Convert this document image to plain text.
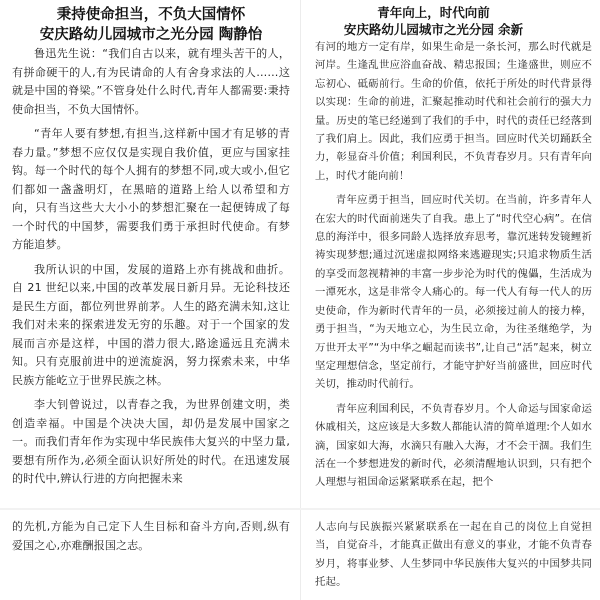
秉持使命担当，不负大国情怀
安庆路幼儿园城市之光分园 陶静怡

鲁迅先生说：“我们自古以来，就有埋头苦干的人，有拼命硬干的人,有为民请命的人有舍身求法的人……这就是中国的脊梁。”不管身处什么时代,青年人都需要:秉持使命担当，不负大国情怀。

“青年人要有梦想,有担当,这样新中国才有足够的青春力量。”梦想不应仅仅是实现自我价值，更应与国家挂钩。每一个时代的每个人拥有的梦想不同,或大或小,但它们都如一盏盏明灯，在黑暗的道路上给人以希望和方向，只有当这些大大小小的梦想汇聚在一起便铸成了每一个时代的中国梦，需要我们勇于承担时代使命。有梦方能追梦。

我所认识的中国，发展的道路上亦有挑战和曲折。自 21 世纪以来,中国的改革发展日新月异。无论科技还是民生方面，都位列世界前茅。人生的路充满未知,这让我们对未来的探索进发无穷的乐趣。对于一个国家的发展而言亦是这样，中国的潜力很大,路途遥远且充满未知。只有克服前进中的逆流旋涡，努力探索未来，中华民族方能屹立于世界民族之林。

李大钊曾说过，以青春之我，为世界创建文明，类创造幸福。中国是个决决大国，却仍是发展中国家之一。而我们青年作为实现中华民族伟大复兴的中坚力量,要想有所作为,必须全面认识好所处的时代。在迅速发展的时代中,辨认行进的方向把握未来

青年向上，时代向前
安庆路幼儿园城市之光分园 余新

有河的地方一定有岸，如果生命是一条长河，那么时代就是河岸。生逢乱世应浴血奋战、精忠报国；生逢盛世，则应不忘初心、砥砺前行。生命的价值，依托于所处的时代背景得以实现：生命的前进，汇聚起推动时代和社会前行的强大力量。历史的笔已经递到了我们的手中，时代的责任已经落到了我们肩上。因此，我们应勇于担当。回应时代关切踊跃全力，彰显奋斗价值；利国利民，不负青春岁月。只有青年向上，时代才能向前！

青年应勇于担当，回应时代关切。在当前，许多青年人在宏大的时代面前迷失了自我。患上了“时代空心病”。在信息的海洋中，很多同龄人选择放弃思考，靠沉迷转发镜鲤祈祷实现梦想;通过沉迷虚拟网络来逃避现实;只追求物质生活的享受而忽视精神的丰富一步步沦为时代的傀儡，生活成为一潭死水，这是非常令人痛心的。每一代人有每一代人的历史使命，作为新时代青年的一员，必须接过前人的接力棒，勇于担当，“为天地立心，为生民立命，为往圣继绝学，为万世开太平”“为中华之崛起而读书”,让自己“活”起来，树立坚定理想信念，坚定前行，才能守护好当前盛世，回应时代关切，推动时代前行。

青年应利国利民，不负青春岁月。个人命运与国家命运休戚相关，这应该是大多数人都能认清的简单道理:个人如水滴，国家如大海，水滴只有融入大海，才不会干涸。我们生活在一个梦想进发的新时代，必须清醒地认识到，只有把个人理想与祖国命运紧紧联系在起，把个

的先机,方能为自己定下人生目标和奋斗方向,否则,纵有爱国之心,亦难酬报国之志。

人志向与民族振兴紧紧联系在一起在自己的岗位上自觉担当，自觉奋斗，才能真正做出有意义的事业，才能不负青春岁月，将事业梦、人生梦同中华民族伟大复兴的中国梦共同托起。
